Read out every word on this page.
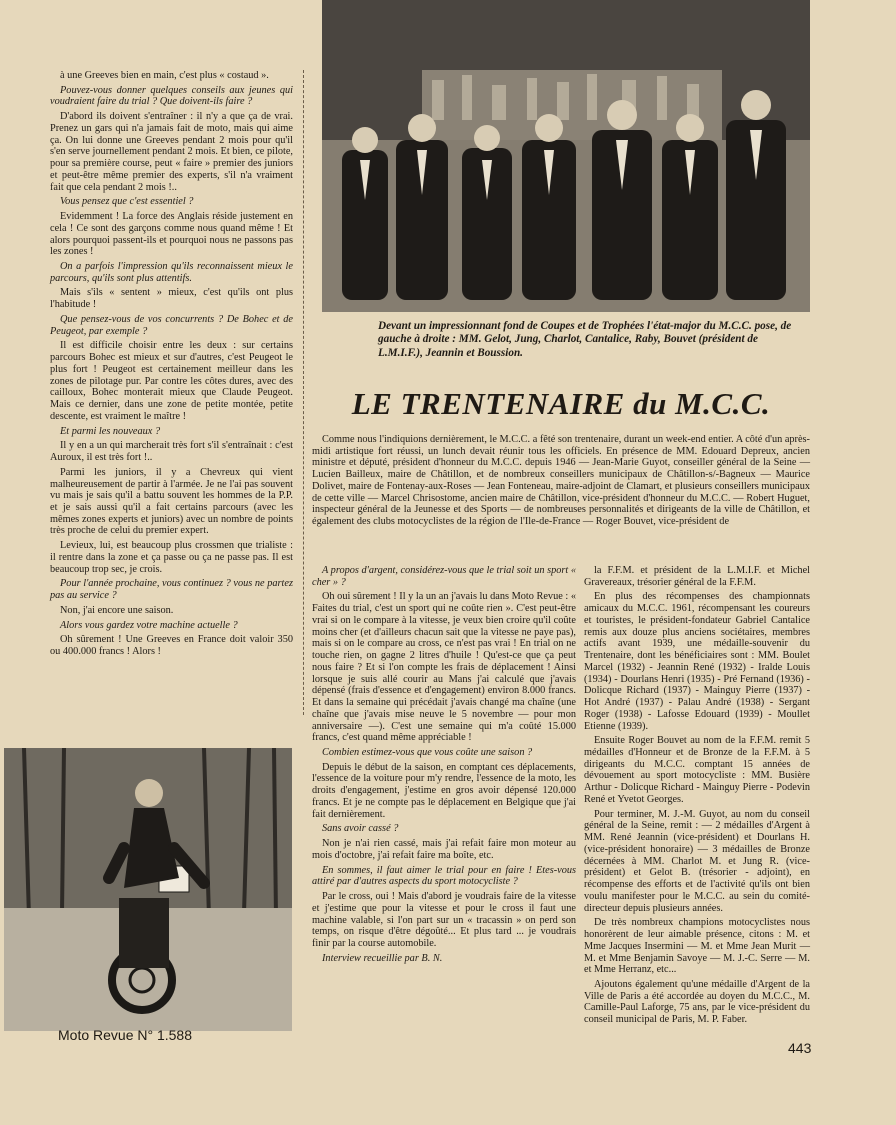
Devant un impressionnant fond de Coupes et de Trophées l'état-major du M.C.C. pose, de gauche à droite : MM. Gelot, Jung, Charlot, Cantalice, Raby, Bouvet (président de L.M.I.F.), Jeannin et Boussion.
LE TRENTENAIRE du M.C.C.
Comme nous l'indiquions dernièrement, le M.C.C. a fêté son trentenaire, durant un week-end entier. A côté d'un après-midi artistique fort réussi, un lunch devait réunir tous les officiels. En présence de MM. Edouard Depreux, ancien ministre et député, président d'honneur du M.C.C. depuis 1946 — Jean-Marie Guyot, conseiller général de la Seine — Lucien Bailleux, maire de Châtillon, et de nombreux conseillers municipaux de Châtillon-s/-Bagneux — Maurice Dolivet, maire de Fontenay-aux-Roses — Jean Fonteneau, maire-adjoint de Clamart, et plusieurs conseillers municipaux de cette ville — Marcel Chrisostome, ancien maire de Châtillon, vice-président d'honneur du M.C.C. — Robert Huguet, inspecteur général de la Jeunesse et des Sports — de nombreuses personnalités et dirigeants de la ville de Châtillon, et également des clubs motocyclistes de la région de l'Ile-de-France — Roger Bouvet, vice-président de

à une Greeves bien en main, c'est plus « costaud ».

Pouvez-vous donner quelques conseils aux jeunes qui voudraient faire du trial ? Que doivent-ils faire ?

D'abord ils doivent s'entraîner : il n'y a que ça de vrai. Prenez un gars qui n'a jamais fait de moto, mais qui aime ça. On lui donne une Greeves pendant 2 mois pour qu'il s'en serve journellement pendant 2 mois. Et bien, ce pilote, pour sa première course, peut « faire » premier des juniors et peut-être même premier des experts, s'il n'a vraiment fait que cela pendant 2 mois !..

Vous pensez que c'est essentiel ?

Evidemment ! La force des Anglais réside justement en cela ! Ce sont des garçons comme nous quand même ! Et alors pourquoi passent-ils et pourquoi nous ne passons pas les zones !

On a parfois l'impression qu'ils reconnaissent mieux le parcours, qu'ils sont plus attentifs.

Mais s'ils « sentent » mieux, c'est qu'ils ont plus l'habitude !

Que pensez-vous de vos concurrents ? De Bohec et de Peugeot, par exemple ?

Il est difficile choisir entre les deux : sur certains parcours Bohec est mieux et sur d'autres, c'est Peugeot le plus fort ! Peugeot est certainement meilleur dans les zones de pilotage pur. Par contre les côtes dures, avec des cailloux, Bohec monterait mieux que Claude Peugeot. Mais ce dernier, dans une zone de petite montée, petite descente, est vraiment le maître !

Et parmi les nouveaux ?

Il y en a un qui marcherait très fort s'il s'entraînait : c'est Auroux, il est très fort !..

Parmi les juniors, il y a Chevreux qui vient malheureusement de partir à l'armée. Je ne l'ai pas souvent vu mais je sais qu'il a battu souvent les hommes de la P.P. et je sais aussi qu'il a fait certains parcours (avec les mêmes zones experts et juniors) avec un nombre de points très proche de celui du premier expert.

Levieux, lui, est beaucoup plus crossmen que trialiste : il rentre dans la zone et ça passe ou ça ne passe pas. Il est beaucoup trop sec, je crois.

Pour l'année prochaine, vous continuez ? vous ne partez pas au service ?

Non, j'ai encore une saison.

Alors vous gardez votre machine actuelle ?

Oh sûrement ! Une Greeves en France doit valoir 350 ou 400.000 francs ! Alors !

A propos d'argent, considérez-vous que le trial soit un sport « cher » ?

Oh oui sûrement ! Il y la un an j'avais lu dans Moto Revue : « Faites du trial, c'est un sport qui ne coûte rien ». C'est peut-être vrai si on le compare à la vitesse, je veux bien croire qu'il coûte moins cher (et d'ailleurs chacun sait que la vitesse ne paye pas), mais si on le compare au cross, ce n'est pas vrai ! En trial on ne touche rien, on gagne 2 litres d'huile ! Qu'est-ce que ça peut nous faire ? Et si l'on compte les frais de déplacement ! Ainsi lorsque je suis allé courir au Mans j'ai calculé que j'avais dépensé (frais d'essence et d'engagement) environ 8.000 francs. Et dans la semaine qui précédait j'avais changé ma chaîne (une chaîne que j'avais mise neuve le 5 novembre — pour mon anniversaire —). C'est une semaine qui m'a coûté 15.000 francs, c'est quand même appréciable !

Combien estimez-vous que vous coûte une saison ?

Depuis le début de la saison, en comptant ces déplacements, l'essence de la voiture pour m'y rendre, l'essence de la moto, les droits d'engagement, j'estime en gros avoir dépensé 120.000 francs. Et je ne compte pas le déplacement en Belgique que j'ai fait dernièrement.

Sans avoir cassé ?

Non je n'ai rien cassé, mais j'ai refait faire mon moteur au mois d'octobre, j'ai refait faire ma boîte, etc.

En sommes, il faut aimer le trial pour en faire ! Etes-vous attiré par d'autres aspects du sport motocycliste ?

Par le cross, oui ! Mais d'abord je voudrais faire de la vitesse et j'estime que pour la vitesse et pour le cross il faut une machine valable, si l'on part sur un « tracassin » on perd son temps, on risque d'être dégoûté... Et plus tard ... je voudrais finir par la course automobile.

Interview recueillie par B. N.

la F.F.M. et président de la L.M.I.F. et Michel Gravereaux, trésorier général de la F.F.M.

En plus des récompenses des championnats amicaux du M.C.C. 1961, récompensant les coureurs et touristes, le président-fondateur Gabriel Cantalice remis aux douze plus anciens sociétaires, membres actifs avant 1939, une médaille-souvenir du Trentenaire, dont les bénéficiaires sont : MM. Boulet Marcel (1932) - Jeannin René (1932) - Iralde Louis (1934) - Dourlans Henri (1935) - Pré Fernand (1936) - Dolicque Richard (1937) - Mainguy Pierre (1937) - Hot André (1937) - Palau André (1938) - Sergant Roger (1938) - Lafosse Edouard (1939) - Moullet Etienne (1939).

Ensuite Roger Bouvet au nom de la F.F.M. remit 5 médailles d'Honneur et de Bronze de la F.F.M. à 5 dirigeants du M.C.C. comptant 15 années de dévouement au sport motocycliste : MM. Busière Arthur - Dolicque Richard - Mainguy Pierre - Podevin René et Yvetot Georges.

Pour terminer, M. J.-M. Guyot, au nom du conseil général de la Seine, remit : — 2 médailles d'Argent à MM. René Jeannin (vice-président) et Dourlans H. (vice-président honoraire) — 3 médailles de Bronze décernées à MM. Charlot M. et Jung R. (vice-président) et Gelot B. (trésorier - adjoint), en récompense des efforts et de l'activité qu'ils ont bien voulu manifester pour le M.C.C. au sein du comité-directeur depuis plusieurs années.

De très nombreux champions motocyclistes nous honorèrent de leur aimable présence, citons : M. et Mme Jacques Insermini — M. et Mme Jean Murit — M. et Mme Benjamin Savoye — M. J.-C. Serre — M. et Mme Herranz, etc...

Ajoutons également qu'une médaille d'Argent de la Ville de Paris a été accordée au doyen du M.C.C., M. Camille-Paul Laforge, 75 ans, par le vice-président du conseil municipal de Paris, M. P. Faber.

Moto Revue N° 1.588
443
